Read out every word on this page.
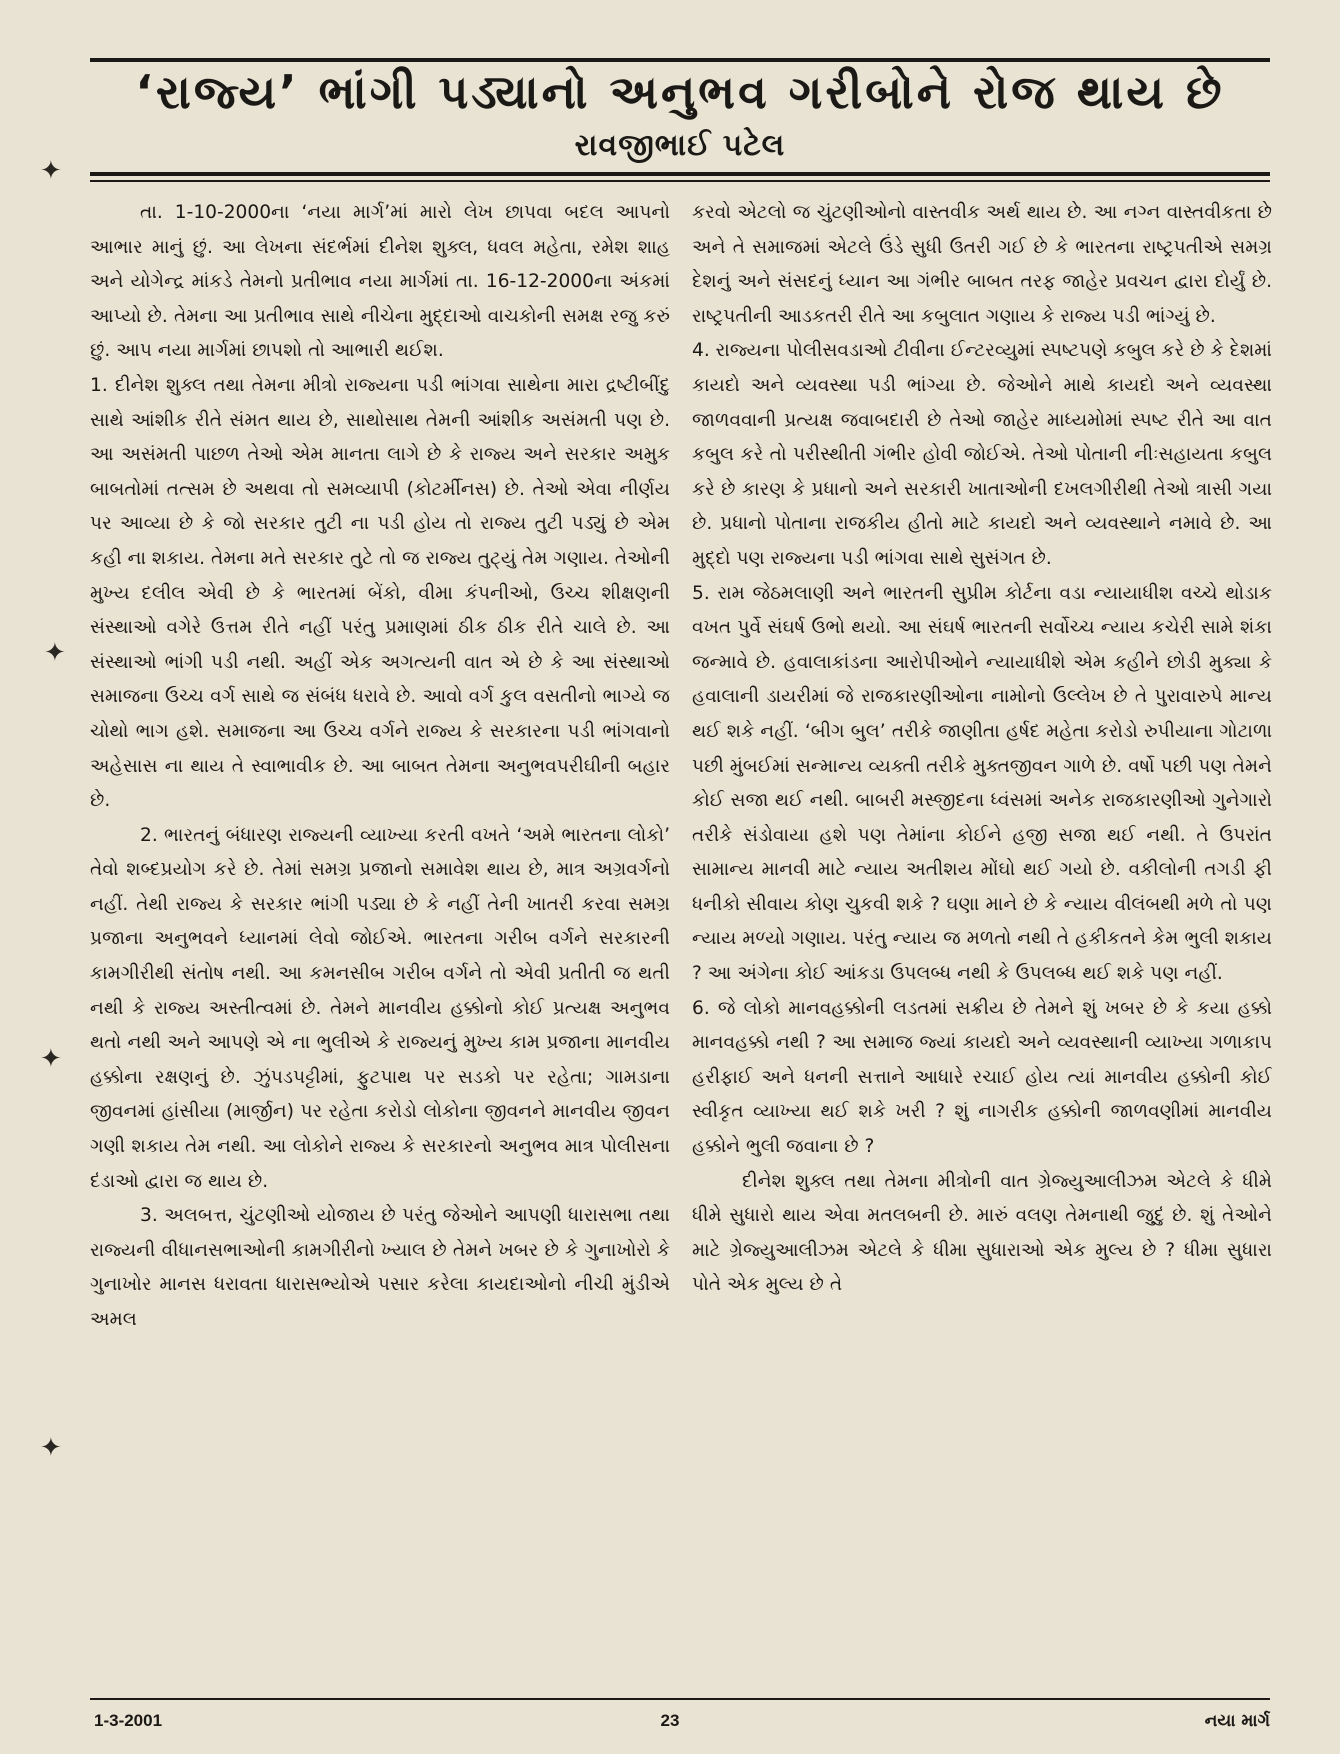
‘રાજ્ય’ ભાંગી પડ્યાનો અનુભવ ગરીબોને રોજ થાય છે
રાવજીભાઈ પટેલ

તા. 1-10-2000ના ‘નયા માર્ગ’માં મારો લેખ છાપવા બદલ આપનો આભાર માનું છું. આ લેખના સંદર્ભમાં દીનેશ શુક્લ, ધવલ મહેતા, રમેશ શાહ અને યોગેન્દ્ર માંકડે તેમનો પ્રતીભાવ નયા માર્ગમાં તા. 16-12-2000ના અંકમાં આપ્યો છે. તેમના આ પ્રતીભાવ સાથે નીચેના મુદ્દાઓ વાચકોની સમક્ષ રજુ કરું છું. આપ નયા માર્ગમાં છાપશો તો આભારી થઈશ.

1. દીનેશ શુક્લ તથા તેમના મીત્રો રાજ્યના પડી ભાંગવા સાથેના મારા દ્રષ્ટીબીંદુ સાથે આંશીક રીતે સંમત થાય છે, સાથોસાથ તેમની આંશીક અસંમતી પણ છે. આ અસંમતી પાછળ તેઓ એમ માનતા લાગે છે કે રાજ્ય અને સરકાર અમુક બાબતોમાં તત્સમ છે અથવા તો સમવ્યાપી (કોટર્મીનસ) છે. તેઓ એવા નીર્ણય પર આવ્યા છે કે જો સરકાર તુટી ના પડી હોય તો રાજ્ય તુટી પડ્યું છે એમ કહી ના શકાય. તેમના મતે સરકાર તુટે તો જ રાજ્ય તુટ્યું તેમ ગણાય. તેઓની મુખ્ય દલીલ એવી છે કે ભારતમાં બેંકો, વીમા કંપનીઓ, ઉચ્ચ શીક્ષણની સંસ્થાઓ વગેરે ઉત્તમ રીતે નહીં પરંતુ પ્રમાણમાં ઠીક ઠીક રીતે ચાલે છે. આ સંસ્થાઓ ભાંગી પડી નથી. અહીં એક અગત્યની વાત એ છે કે આ સંસ્થાઓ સમાજના ઉચ્ચ વર્ગ સાથે જ સંબંધ ધરાવે છે. આવો વર્ગ કુલ વસતીનો ભાગ્યે જ ચોથો ભાગ હશે. સમાજના આ ઉચ્ચ વર્ગને રાજ્ય કે સરકારના પડી ભાંગવાનો અહેસાસ ના થાય તે સ્વાભાવીક છે. આ બાબત તેમના અનુભવપરીઘીની બહાર છે.

2. ભારતનું બંધારણ રાજ્યની વ્યાખ્યા કરતી વખતે ‘અમે ભારતના લોકો’ તેવો શબ્દપ્રયોગ કરે છે. તેમાં સમગ્ર પ્રજાનો સમાવેશ થાય છે, માત્ર અગ્રવર્ગનો નહીં. તેથી રાજ્ય કે સરકાર ભાંગી પડ્યા છે કે નહીં તેની ખાતરી કરવા સમગ્ર પ્રજાના અનુભવને ધ્યાનમાં લેવો જોઈએ. ભારતના ગરીબ વર્ગને સરકારની કામગીરીથી સંતોષ નથી. આ કમનસીબ ગરીબ વર્ગને તો એવી પ્રતીતી જ થતી નથી કે રાજ્ય અસ્તીત્વમાં છે. તેમને માનવીય હક્કોનો કોઈ પ્રત્યક્ષ અનુભવ થતો નથી અને આપણે એ ના ભુલીએ કે રાજ્યનું મુખ્ય કામ પ્રજાના માનવીય હક્કોના રક્ષણનું છે. ઝુંપડપટ્ટીમાં, ફુટપાથ પર સડકો પર રહેતા; ગામડાના જીવનમાં હાંસીયા (માર્જીન) પર રહેતા કરોડો લોકોના જીવનને માનવીય જીવન ગણી શકાય તેમ નથી. આ લોકોને રાજ્ય કે સરકારનો અનુભવ માત્ર પોલીસના દંડાઓ દ્વારા જ થાય છે.

3. અલબત્ત, ચુંટણીઓ યોજાય છે પરંતુ જેઓને આપણી ધારાસભા તથા રાજ્યની વીધાનસભાઓની કામગીરીનો ખ્યાલ છે તેમને ખબર છે કે ગુનાખોરો કે ગુનાખોર માનસ ધરાવતા ધારાસભ્યોએ પસાર કરેલા કાયદાઓનો નીચી મુંડીએ અમલ

કરવો એટલો જ ચુંટણીઓનો વાસ્તવીક અર્થ થાય છે. આ નગ્ન વાસ્તવીકતા છે અને તે સમાજમાં એટલે ઉંડે સુધી ઉતરી ગઈ છે કે ભારતના રાષ્ટ્રપતીએ સમગ્ર દેશનું અને સંસદનું ધ્યાન આ ગંભીર બાબત તરફ જાહેર પ્રવચન દ્વારા દોર્યું છે. રાષ્ટ્રપતીની આડકતરી રીતે આ કબુલાત ગણાય કે રાજ્ય પડી ભાંગ્યું છે.

4. રાજ્યના પોલીસવડાઓ ટીવીના ઈન્ટરવ્યુમાં સ્પષ્ટપણે કબુલ કરે છે કે દેશમાં કાયદો અને વ્યવસ્થા પડી ભાંગ્યા છે. જેઓને માથે કાયદો અને વ્યવસ્થા જાળવવાની પ્રત્યક્ષ જવાબદારી છે તેઓ જાહેર માધ્યમોમાં સ્પષ્ટ રીતે આ વાત કબુલ કરે તો પરીસ્થીતી ગંભીર હોવી જોઈએ. તેઓ પોતાની નીઃસહાયતા કબુલ કરે છે કારણ કે પ્રધાનો અને સરકારી ખાતાઓની દખલગીરીથી તેઓ ત્રાસી ગયા છે. પ્રધાનો પોતાના રાજકીય હીતો માટે કાયદો અને વ્યવસ્થાને નમાવે છે. આ મુદ્દો પણ રાજ્યના પડી ભાંગવા સાથે સુસંગત છે.

5. રામ જેઠમલાણી અને ભારતની સુપ્રીમ કોર્ટના વડા ન્યાયાધીશ વચ્ચે થોડાક વખત પુર્વે સંઘર્ષ ઉભો થયો. આ સંઘર્ષ ભારતની સર્વોચ્ચ ન્યાય કચેરી સામે શંકા જન્માવે છે. હવાલાકાંડના આરોપીઓને ન્યાયાધીશે એમ કહીને છોડી મુક્યા કે હવાલાની ડાયરીમાં જે રાજકારણીઓના નામોનો ઉલ્લેખ છે તે પુરાવારુપે માન્ય થઈ શકે નહીં. ‘બીગ બુલ’ તરીકે જાણીતા હર્ષદ મહેતા કરોડો રુપીયાના ગોટાળા પછી મુંબઈમાં સન્માન્ય વ્યક્તી તરીકે મુક્તજીવન ગાળે છે. વર્ષો પછી પણ તેમને કોઈ સજા થઈ નથી. બાબરી મસ્જીદના ધ્વંસમાં અનેક રાજકારણીઓ ગુનેગારો તરીકે સંડોવાયા હશે પણ તેમાંના કોઈને હજી સજા થઈ નથી. તે ઉપરાંત સામાન્ય માનવી માટે ન્યાય અતીશય મોંઘો થઈ ગયો છે. વકીલોની તગડી ફી ધનીકો સીવાય કોણ ચુકવી શકે ? ઘણા માને છે કે ન્યાય વીલંબથી મળે તો પણ ન્યાય મળ્યો ગણાય. પરંતુ ન્યાય જ મળતો નથી તે હકીકતને કેમ ભુલી શકાય ? આ અંગેના કોઈ આંકડા ઉપલબ્ધ નથી કે ઉપલબ્ધ થઈ શકે પણ નહીં.

6. જે લોકો માનવહક્કોની લડતમાં સક્રીય છે તેમને શું ખબર છે કે કયા હક્કો માનવહક્કો નથી ? આ સમાજ જ્યાં કાયદો અને વ્યવસ્થાની વ્યાખ્યા ગળાકાપ હરીફાઈ અને ધનની સત્તાને આધારે રચાઈ હોય ત્યાં માનવીય હક્કોની કોઈ સ્વીકૃત વ્યાખ્યા થઈ શકે ખરી ? શું નાગરીક હક્કોની જાળવણીમાં માનવીય હક્કોને ભુલી જવાના છે ?

દીનેશ શુક્લ તથા તેમના મીત્રોની વાત ગ્રેજ્યુઆલીઝમ એટલે કે ધીમે ધીમે સુધારો થાય એવા મતલબની છે. મારું વલણ તેમનાથી જુદું છે. શું તેઓને માટે ગ્રેજ્યુઆલીઝમ એટલે કે ધીમા સુધારાઓ એક મુલ્ય છે ? ધીમા સુધારા પોતે એક મુલ્ય છે તે

✦
✦
✦
✦
23
1-3-2001	નયા માર્ગ
